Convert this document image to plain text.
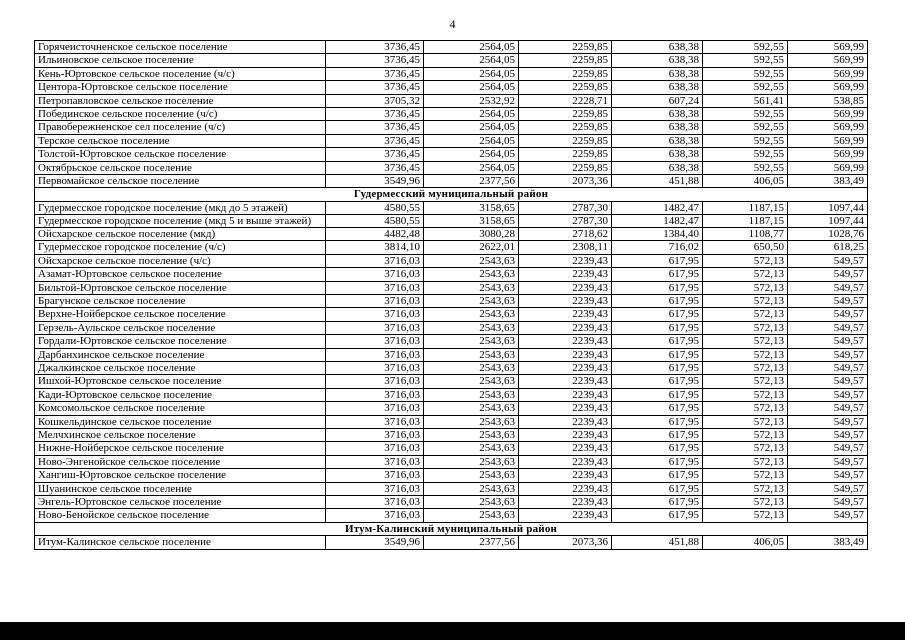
4
Горячеисточненское сельское поселение	3736,45	2564,05	2259,85	638,38	592,55	569,99
Ильиновское сельское поселение	3736,45	2564,05	2259,85	638,38	592,55	569,99
Кень-Юртовское сельское поселение (ч/с)	3736,45	2564,05	2259,85	638,38	592,55	569,99
Центора-Юртовское сельское поселение	3736,45	2564,05	2259,85	638,38	592,55	569,99
Петропавловское сельское поселение	3705,32	2532,92	2228,71	607,24	561,41	538,85
Побединское сельское поселение (ч/с)	3736,45	2564,05	2259,85	638,38	592,55	569,99
Правобережненское сел поселение (ч/с)	3736,45	2564,05	2259,85	638,38	592,55	569,99
Терское сельское поселение	3736,45	2564,05	2259,85	638,38	592,55	569,99
Толстой-Юртовское сельское поселение	3736,45	2564,05	2259,85	638,38	592,55	569,99
Октябрьское сельское поселение	3736,45	2564,05	2259,85	638,38	592,55	569,99
Первомайское сельское поселение	3549,96	2377,56	2073,36	451,88	406,05	383,49
Гудермесский муниципальный район						
Гудермесское городское поселение (мкд до 5 этажей)	4580,55	3158,65	2787,30	1482,47	1187,15	1097,44
Гудермесское городское поселение (мкд 5 и выше этажей)	4580,55	3158,65	2787,30	1482,47	1187,15	1097,44
Ойсхарское сельское поселение (мкд)	4482,48	3080,28	2718,62	1384,40	1108,77	1028,76
Гудермесское городское поселение (ч/с)	3814,10	2622,01	2308,11	716,02	650,50	618,25
Ойсхарское сельское поселение (ч/с)	3716,03	2543,63	2239,43	617,95	572,13	549,57
Азамат-Юртовское сельское поселение	3716,03	2543,63	2239,43	617,95	572,13	549,57
Бильтой-Юртовское сельское поселение	3716,03	2543,63	2239,43	617,95	572,13	549,57
Брагунское сельское поселение	3716,03	2543,63	2239,43	617,95	572,13	549,57
Верхне-Нойберское сельское поселение	3716,03	2543,63	2239,43	617,95	572,13	549,57
Герзель-Аульское сельское поселение	3716,03	2543,63	2239,43	617,95	572,13	549,57
Гордали-Юртовское сельское поселение	3716,03	2543,63	2239,43	617,95	572,13	549,57
Дарбанхинское сельское поселение	3716,03	2543,63	2239,43	617,95	572,13	549,57
Джалкинское сельское поселение	3716,03	2543,63	2239,43	617,95	572,13	549,57
Ишхой-Юртовское сельское поселение	3716,03	2543,63	2239,43	617,95	572,13	549,57
Кади-Юртовское сельское поселение	3716,03	2543,63	2239,43	617,95	572,13	549,57
Комсомольское сельское поселение	3716,03	2543,63	2239,43	617,95	572,13	549,57
Кошкельдинское сельское поселение	3716,03	2543,63	2239,43	617,95	572,13	549,57
Мелчхинское сельское поселение	3716,03	2543,63	2239,43	617,95	572,13	549,57
Нижне-Нойберское сельское поселение	3716,03	2543,63	2239,43	617,95	572,13	549,57
Ново-Энгенойское сельское поселение	3716,03	2543,63	2239,43	617,95	572,13	549,57
Хангиш-Юртовское сельское поселение	3716,03	2543,63	2239,43	617,95	572,13	549,57
Шуанинское сельское поселение	3716,03	2543,63	2239,43	617,95	572,13	549,57
Энгель-Юртовское сельское поселение	3716,03	2543,63	2239,43	617,95	572,13	549,57
Ново-Бенойское сельское поселение	3716,03	2543,63	2239,43	617,95	572,13	549,57
Итум-Калинский муниципальный район						
Итум-Калинское сельское поселение	3549,96	2377,56	2073,36	451,88	406,05	383,49
